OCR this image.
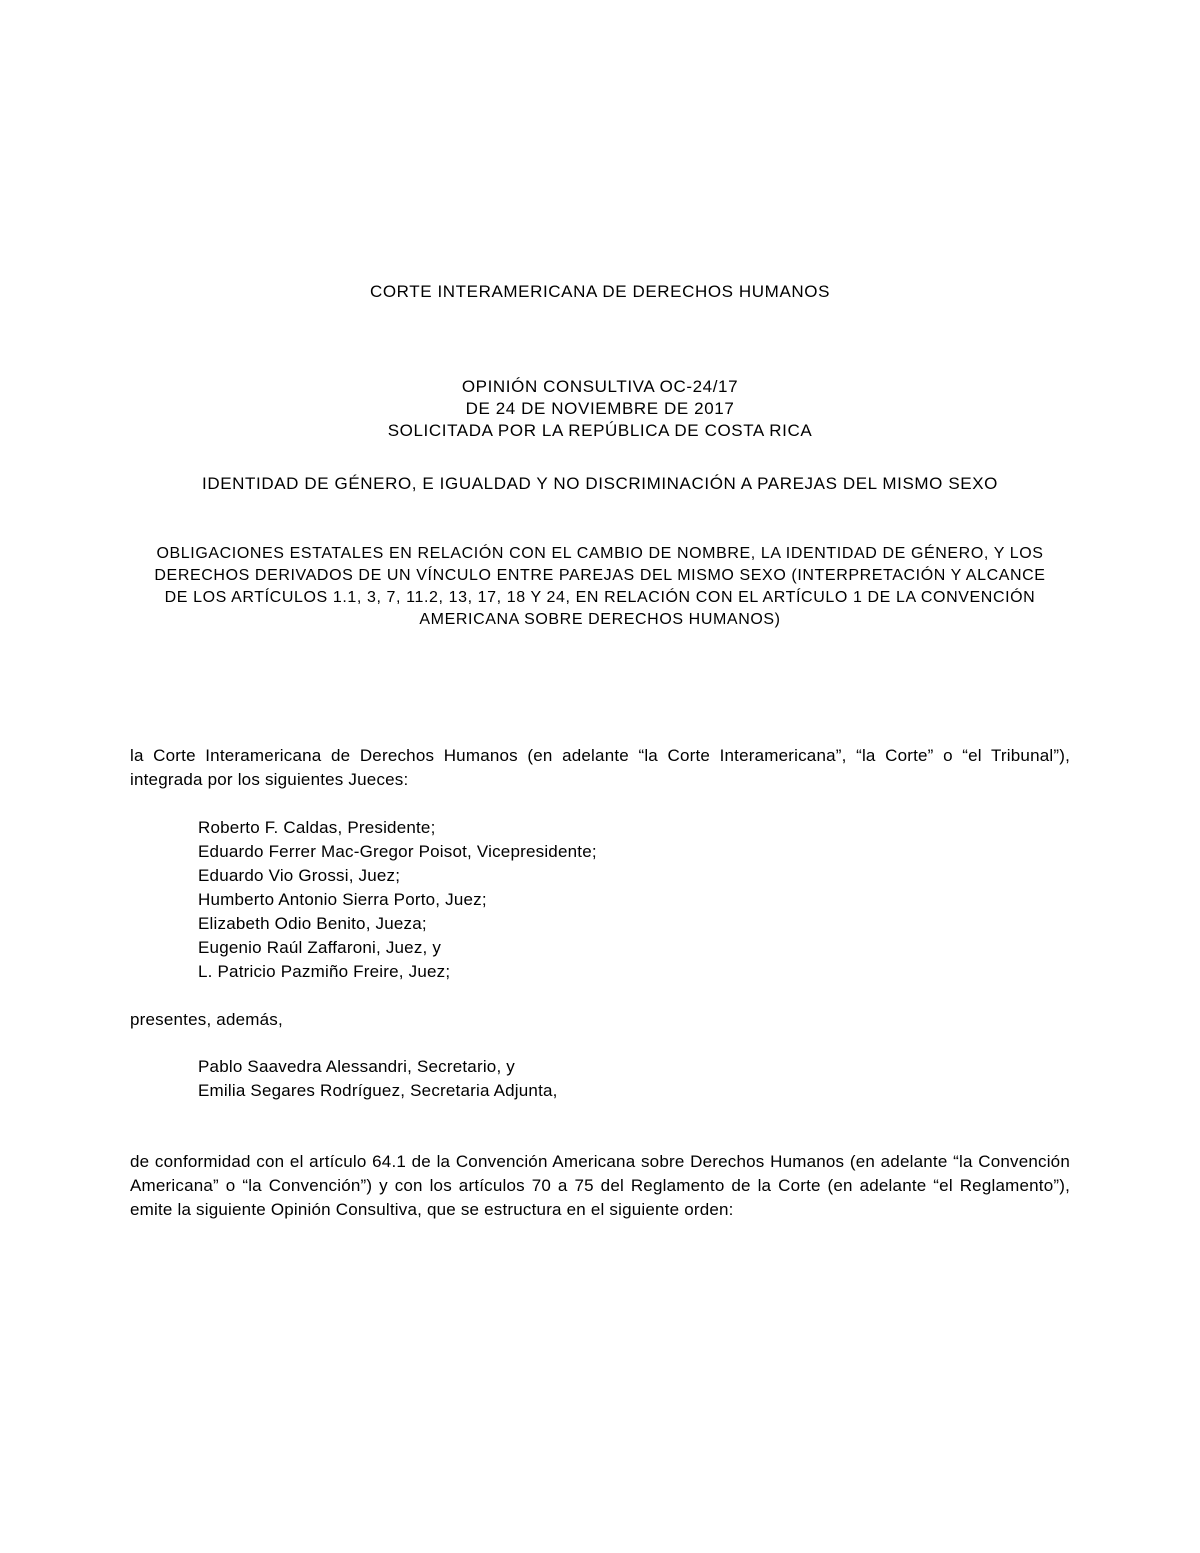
CORTE INTERAMERICANA DE DERECHOS HUMANOS
OPINIÓN CONSULTIVA OC-24/17
DE 24 DE NOVIEMBRE DE 2017
SOLICITADA POR LA REPÚBLICA DE COSTA RICA
IDENTIDAD DE GÉNERO, E IGUALDAD Y NO DISCRIMINACIÓN A PAREJAS DEL MISMO SEXO
OBLIGACIONES ESTATALES EN RELACIÓN CON EL CAMBIO DE NOMBRE, LA IDENTIDAD DE GÉNERO, Y LOS DERECHOS DERIVADOS DE UN VÍNCULO ENTRE PAREJAS DEL MISMO SEXO (INTERPRETACIÓN Y ALCANCE DE LOS ARTÍCULOS 1.1, 3, 7, 11.2, 13, 17, 18 Y 24, EN RELACIÓN CON EL ARTÍCULO 1 DE LA CONVENCIÓN AMERICANA SOBRE DERECHOS HUMANOS)
la Corte Interamericana de Derechos Humanos (en adelante “la Corte Interamericana”, “la Corte” o “el Tribunal”), integrada por los siguientes Jueces:
Roberto F. Caldas, Presidente;
Eduardo Ferrer Mac-Gregor Poisot, Vicepresidente;
Eduardo Vio Grossi, Juez;
Humberto Antonio Sierra Porto, Juez;
Elizabeth Odio Benito, Jueza;
Eugenio Raúl Zaffaroni, Juez, y
L. Patricio Pazmiño Freire, Juez;
presentes, además,
Pablo Saavedra Alessandri, Secretario, y
Emilia Segares Rodríguez, Secretaria Adjunta,
de conformidad con el artículo 64.1 de la Convención Americana sobre Derechos Humanos (en adelante “la Convención Americana” o “la Convención”) y con los artículos 70 a 75 del Reglamento de la Corte (en adelante “el Reglamento”), emite la siguiente Opinión Consultiva, que se estructura en el siguiente orden:
